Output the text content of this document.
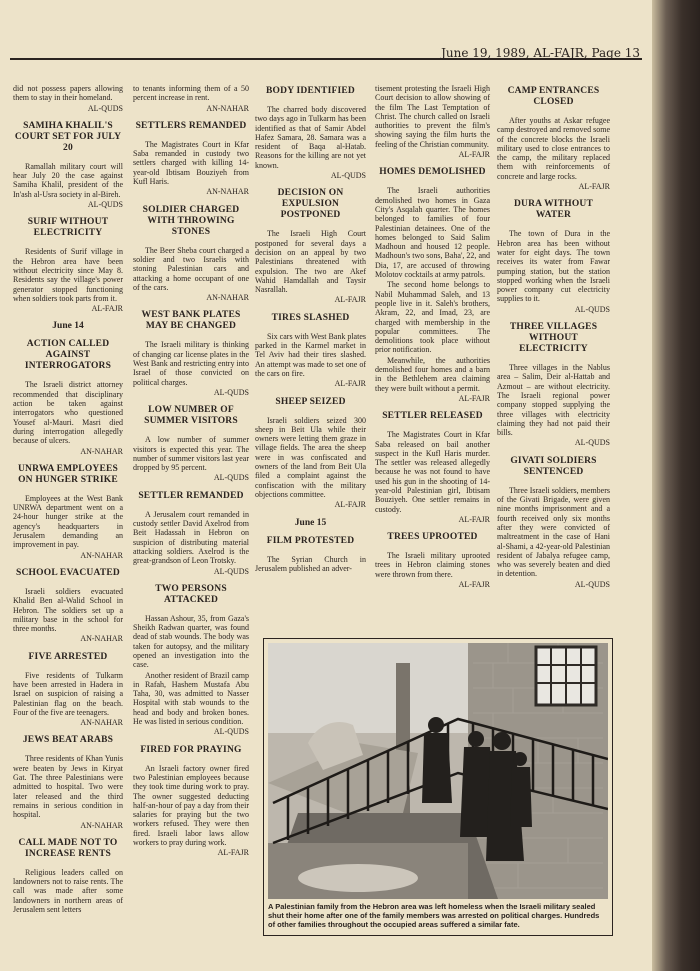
June 19, 1989, AL-FAJR, Page 13

did not possess papers allowing them to stay in their homeland.

AL-QUDS
SAMIHA KHALIL'S COURT SET FOR JULY 20

Ramallah military court will hear July 20 the case against Samiha Khalil, president of the In'ash al-Usra society in al-Bireh.

AL-QUDS
SURIF WITHOUT ELECTRICITY

Residents of Surif village in the Hebron area have been without electricity since May 8. Residents say the village's power generator stopped functioning when soldiers took parts from it.

AL-FAJR
June 14
ACTION CALLED AGAINST INTERROGATORS

The Israeli district attorney recommended that disciplinary action be taken against interrogators who questioned Yousef al-Mauri. Masri died during interrogation allegedly because of ulcers.

AN-NAHAR
UNRWA EMPLOYEES ON HUNGER STRIKE

Employees at the West Bank UNRWA department went on a 24-hour hunger strike at the agency's headquarters in Jerusalem demanding an improvement in pay.

AN-NAHAR
SCHOOL EVACUATED

Israeli soldiers evacuated Khalid Ben al-Walid School in Hebron. The soldiers set up a military base in the school for three months.

AN-NAHAR
FIVE ARRESTED

Five residents of Tulkarm have been arrested in Hadera in Israel on suspicion of raising a Palestinian flag on the beach. Four of the five are teenagers.

AN-NAHAR
JEWS BEAT ARABS

Three residents of Khan Yunis were beaten by Jews in Kiryat Gat. The three Palestinians were admitted to hospital. Two were later released and the third remains in serious condition in hospital.

AN-NAHAR
CALL MADE NOT TO INCREASE RENTS

Religious leaders called on landowners not to raise rents. The call was made after some landowners in northern areas of Jerusalem sent letters

to tenants informing them of a 50 percent increase in rent.

AN-NAHAR
SETTLERS REMANDED

The Magistrates Court in Kfar Saba remanded in custody two settlers charged with killing 14-year-old Ibtisam Bouziyeh from Kufl Haris.

AN-NAHAR
SOLDIER CHARGED WITH THROWING STONES

The Beer Sheba court charged a soldier and two Israelis with stoning Palestinian cars and attacking a home occupant of one of the cars.

AN-NAHAR
WEST BANK PLATES MAY BE CHANGED

The Israeli military is thinking of changing car license plates in the West Bank and restricting entry into Israel of those convicted on political charges.

AL-QUDS
LOW NUMBER OF SUMMER VISITORS

A low number of summer visitors is expected this year. The number of summer visitors last year dropped by 95 percent.

AL-QUDS
SETTLER REMANDED

A Jerusalem court remanded in custody settler David Axelrod from Beit Hadassah in Hebron on suspicion of distributing material attacking soldiers. Axelrod is the great-grandson of Leon Trotsky.

AL-QUDS
TWO PERSONS ATTACKED

Hassan Ashour, 35, from Gaza's Sheikh Radwan quarter, was found dead of stab wounds. The body was taken for autopsy, and the military opened an investigation into the case.

Another resident of Brazil camp in Rafah, Hashem Mustafa Abu Taha, 30, was admitted to Nasser Hospital with stab wounds to the head and body and broken bones. He was listed in serious condition.

AL-QUDS
FIRED FOR PRAYING

An Israeli factory owner fired two Palestinian employees because they took time during work to pray. The owner suggested deducting half-an-hour of pay a day from their salaries for praying but the two workers refused. They were then fired. Israeli labor laws allow workers to pray during work.

AL-FAJR
BODY IDENTIFIED

The charred body discovered two days ago in Tulkarm has been identified as that of Samir Abdel Hafez Samara, 28. Samara was a resident of Baqa al-Hatab. Reasons for the killing are not yet known.

AL-QUDS
DECISION ON EXPULSION POSTPONED

The Israeli High Court postponed for several days a decision on an appeal by two Palestinians threatened with expulsion. The two are Akef Wahid Hamdallah and Taysir Nasrallah.

AL-FAJR
TIRES SLASHED

Six cars with West Bank plates parked in the Karmel market in Tel Aviv had their tires slashed. An attempt was made to set one of the cars on fire.

AL-FAJR
SHEEP SEIZED

Israeli soldiers seized 300 sheep in Beit Ula while their owners were letting them graze in village fields. The area the sheep were in was confiscated and owners of the land from Beit Ula filed a complaint against the confiscation with the military objections committee.

AL-FAJR
June 15
FILM PROTESTED

The Syrian Church in Jerusalem published an adver-

tisement protesting the Israeli High Court decision to allow showing of the film The Last Temptation of Christ. The church called on Israeli authorities to prevent the film's showing saying the film hurts the feeling of the Christian community.

AL-FAJR
HOMES DEMOLISHED

The Israeli authorities demolished two homes in Gaza City's Asqalah quarter. The homes belonged to families of four Palestinian detainees. One of the homes belonged to Said Salim Madhoun and housed 12 people. Madhoun's two sons, Baha', 22, and Dia, 17, are accused of throwing Molotov cocktails at army patrols.

The second home belongs to Nabil Muhammad Saleh, and 13 people live in it. Saleh's brothers, Akram, 22, and Imad, 23, are charged with membership in the popular committees. The demolitions took place without prior notification.

Meanwhile, the authorities demolished four homes and a barn in the Bethlehem area claiming they were built without a permit.

AL-FAJR
SETTLER RELEASED

The Magistrates Court in Kfar Saba released on bail another suspect in the Kufl Haris murder. The settler was released allegedly because he was not found to have used his gun in the shooting of 14-year-old Palestinian girl, Ibtisam Bouziyeh. One settler remains in custody.

AL-FAJR
TREES UPROOTED

The Israeli military uprooted trees in Hebron claiming stones were thrown from there.

AL-FAJR
CAMP ENTRANCES CLOSED

After youths at Askar refugee camp destroyed and removed some of the concrete blocks the Israeli military used to close entrances to the camp, the military replaced them with reinforcements of concrete and large rocks.

AL-FAJR
DURA WITHOUT WATER

The town of Dura in the Hebron area has been without water for eight days. The town receives its water from Fawar pumping station, but the station stopped working when the Israeli power company cut electricity supplies to it.

AL-QUDS
THREE VILLAGES WITHOUT ELECTRICITY

Three villages in the Nablus area – Salim, Deir al-Hattab and Azmout – are without electricity. The Israeli regional power company stopped supplying the three villages with electricity claiming they had not paid their bills.

AL-QUDS
GIVATI SOLDIERS SENTENCED

Three Israeli soldiers, members of the Givati Brigade, were given nine months imprisonment and a fourth received only six months after they were convicted of maltreatment in the case of Hani al-Shami, a 42-year-old Palestinian resident of Jabalya refugee camp, who was severely beaten and died in detention.

AL-QUDS
A Palestinian family from the Hebron area was left homeless when the Israeli military sealed shut their home after one of the family members was arrested on political charges. Hundreds of other families throughout the occupied areas suffered a similar fate.
